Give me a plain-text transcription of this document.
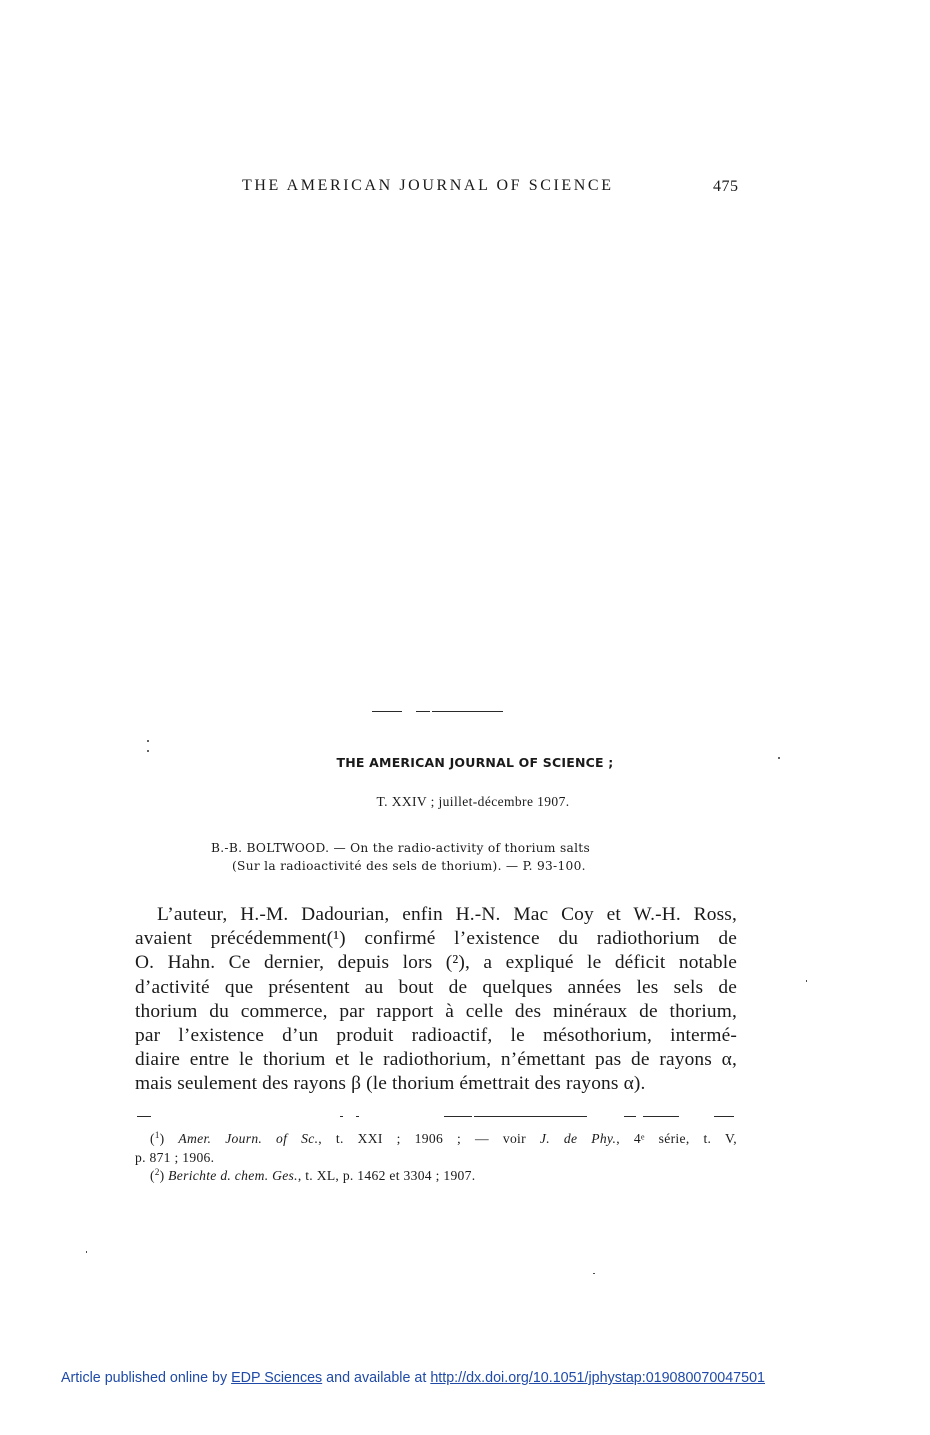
THE AMERICAN JOURNAL OF SCIENCE	475
THE AMERICAN JOURNAL OF SCIENCE ;
T. XXIV ; juillet-décembre 1907.
B.-B. BOLTWOOD. — On the radio-activity of thorium salts
(Sur la radioactivité des sels de thorium). — P. 93-100.
L’auteur, H.-M. Dadourian, enfin H.-N. Mac Coy et W.-H. Ross,
avaient précédemment(¹) confirmé l’existence du radiothorium de
O. Hahn. Ce dernier, depuis lors (²), a expliqué le déficit notable
d’activité que présentent au bout de quelques années les sels de
thorium du commerce, par rapport à celle des minéraux de thorium,
par l’existence d’un produit radioactif, le mésothorium, intermé-
diaire entre le thorium et le radiothorium, n’émettant pas de rayons α,
mais seulement des rayons β (le thorium émettrait des rayons α).
($^1$) Amer. Journ. of Sc., t. XXI ; 1906 ; — voir J. de Phy., 4ᵉ série, t. V,
p. 871 ; 1906.
($^2$) Berichte d. chem. Ges., t. XL, p. 1462 et 3304 ; 1907.
Article published online by EDP Sciences and available at http://dx.doi.org/10.1051/jphystap:019080070047501
